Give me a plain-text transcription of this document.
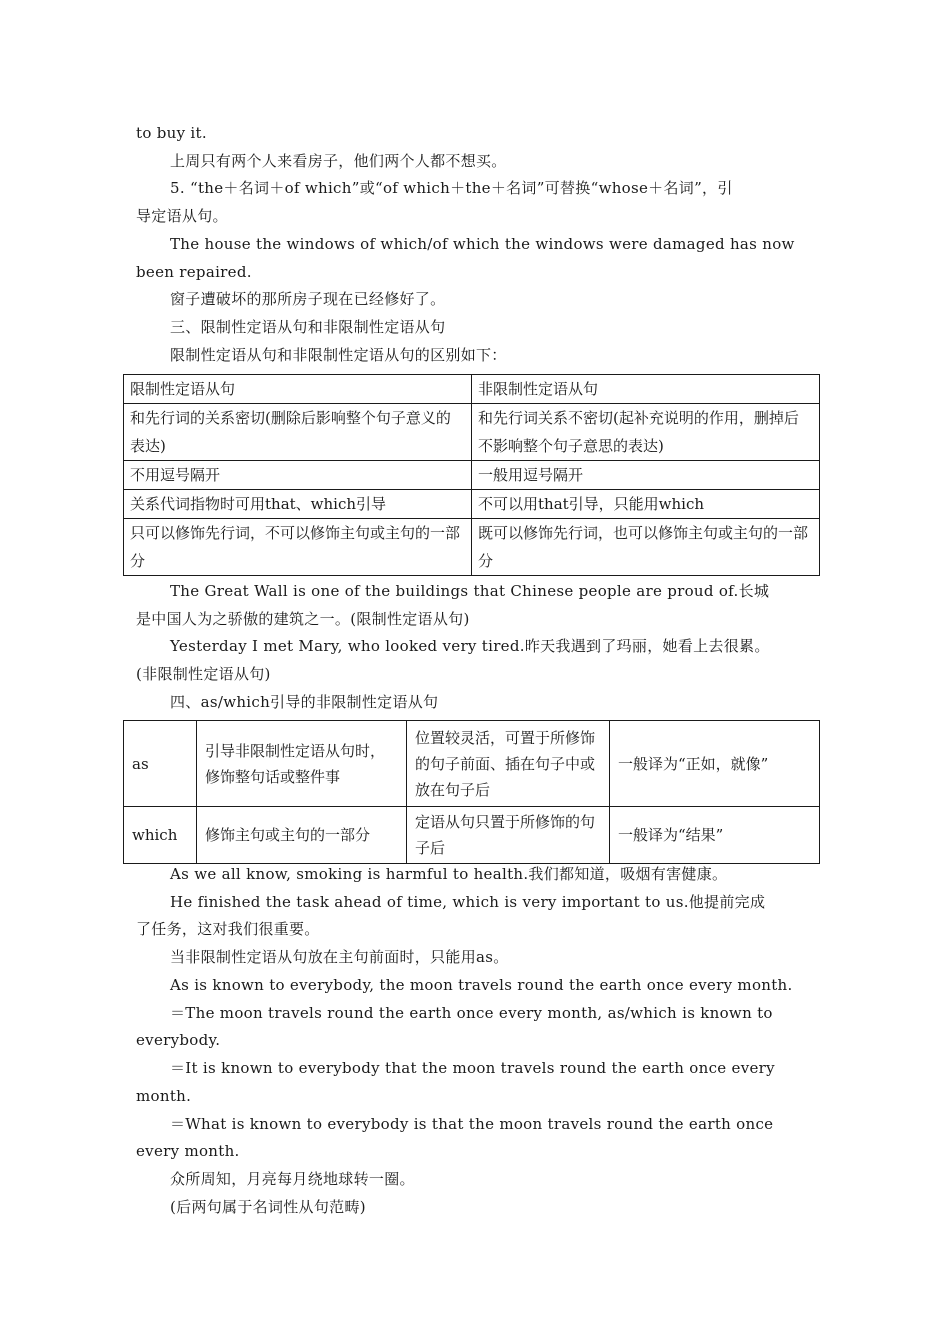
to buy it.
上周只有两个人来看房子，他们两个人都不想买。
5. “the＋名词＋of which”或“of which＋the＋名词”可替换“whose＋名词”，引
导定语从句。
The house the windows of which/of which the windows were damaged has now
been repaired.
窗子遭破坏的那所房子现在已经修好了。
三、限制性定语从句和非限制性定语从句
限制性定语从句和非限制性定语从句的区别如下：
限制性定语从句	非限制性定语从句
和先行词的关系密切(删除后影响整个句子意义的表达)	和先行词关系不密切(起补充说明的作用，删掉后不影响整个句子意思的表达)
不用逗号隔开	一般用逗号隔开
关系代词指物时可用that、which引导	不可以用that引导，只能用which
只可以修饰先行词，不可以修饰主句或主句的一部分	既可以修饰先行词，也可以修饰主句或主句的一部分
The Great Wall is one of the buildings that Chinese people are proud of.长城
是中国人为之骄傲的建筑之一。(限制性定语从句)
Yesterday I met Mary, who looked very tired.昨天我遇到了玛丽，她看上去很累。
(非限制性定语从句)
四、as/which引导的非限制性定语从句
as	引导非限制性定语从句时，修饰整句话或整件事	位置较灵活，可置于所修饰的句子前面、插在句子中或放在句子后	一般译为“正如，就像”
which	修饰主句或主句的一部分	定语从句只置于所修饰的句子后	一般译为“结果”
As we all know, smoking is harmful to health.我们都知道，吸烟有害健康。
He finished the task ahead of time, which is very important to us.他提前完成
了任务，这对我们很重要。
当非限制性定语从句放在主句前面时，只能用as。
As is known to everybody, the moon travels round the earth once every month.
＝The moon travels round the earth once every month, as/which is known to
everybody.
＝It is known to everybody that the moon travels round the earth once every
month.
＝What is known to everybody is that the moon travels round the earth once
every month.
众所周知，月亮每月绕地球转一圈。
(后两句属于名词性从句范畴)
